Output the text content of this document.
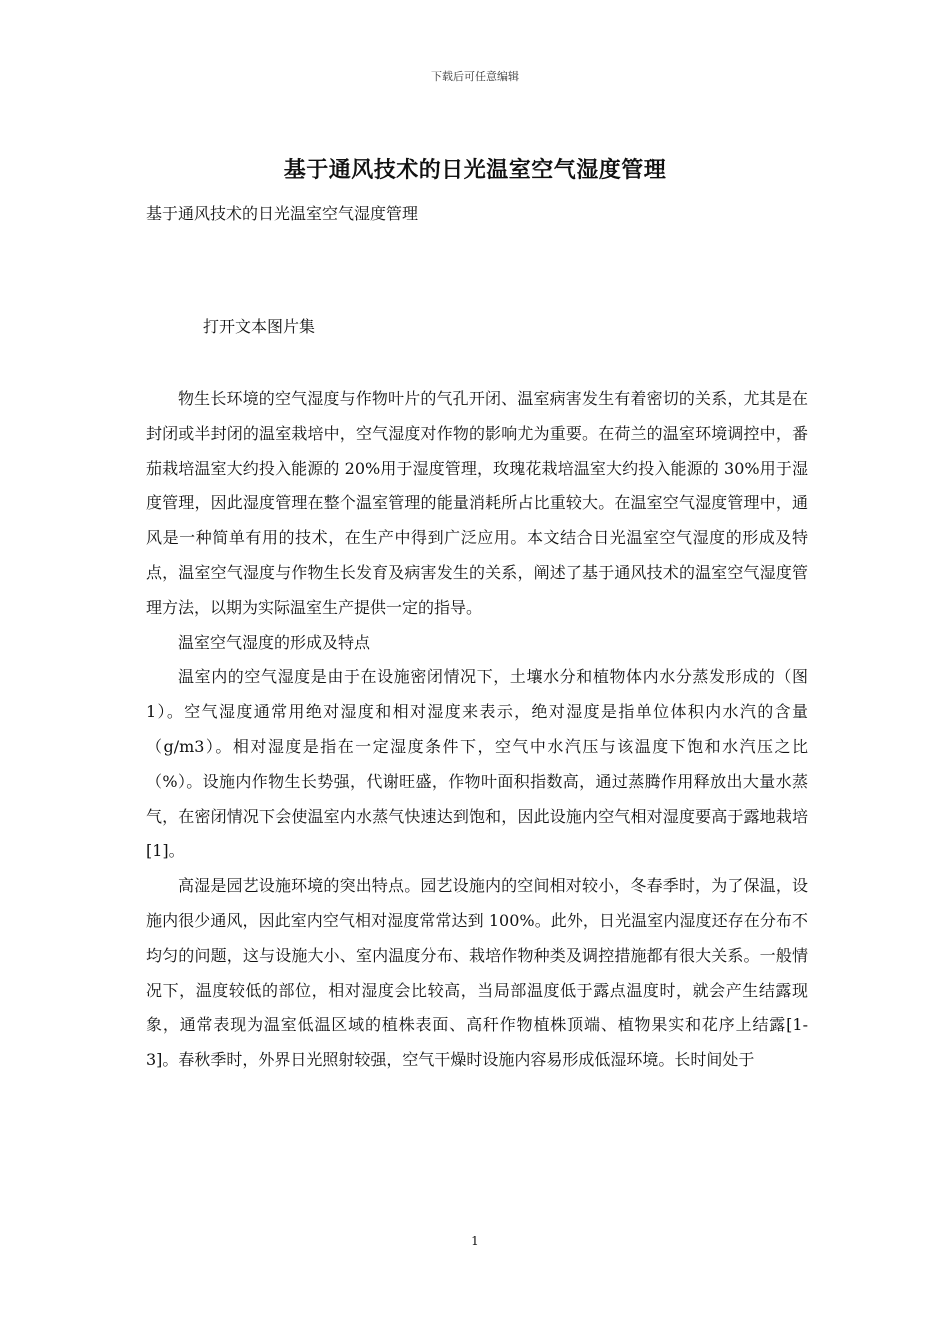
下载后可任意编辑
基于通风技术的日光温室空气湿度管理
基于通风技术的日光温室空气湿度管理
打开文本图片集

物生长环境的空气湿度与作物叶片的气孔开闭、温室病害发生有着密切的关系，尤其是在封闭或半封闭的温室栽培中，空气湿度对作物的影响尤为重要。在荷兰的温室环境调控中，番茄栽培温室大约投入能源的 20%用于湿度管理，玫瑰花栽培温室大约投入能源的 30%用于湿度管理，因此湿度管理在整个温室管理的能量消耗所占比重较大。在温室空气湿度管理中，通风是一种简单有用的技术，在生产中得到广泛应用。本文结合日光温室空气湿度的形成及特点，温室空气湿度与作物生长发育及病害发生的关系，阐述了基于通风技术的温室空气湿度管理方法，以期为实际温室生产提供一定的指导。

温室空气湿度的形成及特点

温室内的空气湿度是由于在设施密闭情况下，土壤水分和植物体内水分蒸发形成的（图 1）。空气湿度通常用绝对湿度和相对湿度来表示，绝对湿度是指单位体积内水汽的含量（g/m3）。相对湿度是指在一定湿度条件下，空气中水汽压与该温度下饱和水汽压之比（%）。设施内作物生长势强，代谢旺盛，作物叶面积指数高，通过蒸腾作用释放出大量水蒸气，在密闭情况下会使温室内水蒸气快速达到饱和，因此设施内空气相对湿度要高于露地栽培[1]。

高湿是园艺设施环境的突出特点。园艺设施内的空间相对较小，冬春季时，为了保温，设施内很少通风，因此室内空气相对湿度常常达到 100%。此外，日光温室内湿度还存在分布不均匀的问题，这与设施大小、室内温度分布、栽培作物种类及调控措施都有很大关系。一般情况下，温度较低的部位，相对湿度会比较高，当局部温度低于露点温度时，就会产生结露现象，通常表现为温室低温区域的植株表面、高秆作物植株顶端、植物果实和花序上结露[1-3]。春秋季时，外界日光照射较强，空气干燥时设施内容易形成低湿环境。长时间处于

1
